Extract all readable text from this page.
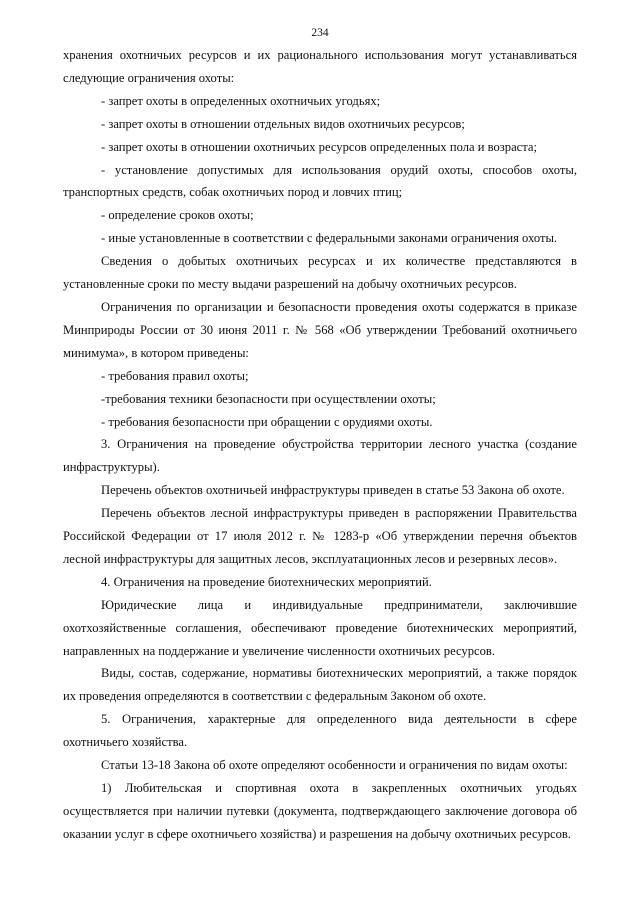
234

хранения охотничьих ресурсов и их рационального использования могут устанавливаться следующие ограничения охоты:

- запрет охоты в определенных охотничьих угодьях;

- запрет охоты в отношении отдельных видов охотничьих ресурсов;

- запрет охоты в отношении охотничьих ресурсов определенных пола и возраста;

- установление допустимых для использования орудий охоты, способов охоты, транспортных средств, собак охотничьих пород и ловчих птиц;

- определение сроков охоты;

- иные установленные в соответствии с федеральными законами ограничения охоты.

Сведения о добытых охотничьих ресурсах и их количестве представляются в установленные сроки по месту выдачи разрешений на добычу охотничьих ресурсов.

Ограничения по организации и безопасности проведения охоты содержатся в приказе Минприроды России от 30 июня 2011 г. № 568 «Об утверждении Требований охотничьего минимума», в котором приведены:

- требования правил охоты;

-требования техники безопасности при осуществлении охоты;

- требования безопасности при обращении с орудиями охоты.

3. Ограничения на проведение обустройства территории лесного участка (создание инфраструктуры).

Перечень объектов охотничьей инфраструктуры приведен в статье 53 Закона об охоте.

Перечень объектов лесной инфраструктуры приведен в распоряжении Правительства Российской Федерации от 17 июля 2012 г. № 1283-р «Об утверждении перечня объектов лесной инфраструктуры для защитных лесов, эксплуатационных лесов и резервных лесов».

4. Ограничения на проведение биотехнических мероприятий.

Юридические лица и индивидуальные предприниматели, заключившие охотхозяйственные соглашения, обеспечивают проведение биотехнических мероприятий, направленных на поддержание и увеличение численности охотничьих ресурсов.

Виды, состав, содержание, нормативы биотехнических мероприятий, а также порядок их проведения определяются в соответствии с федеральным Законом об охоте.

5. Ограничения, характерные для определенного вида деятельности в сфере охотничьего хозяйства.

Статьи 13-18 Закона об охоте определяют особенности и ограничения по видам охоты:

1) Любительская и спортивная охота в закрепленных охотничьих угодьях осуществляется при наличии путевки (документа, подтверждающего заключение договора об оказании услуг в сфере охотничьего хозяйства) и разрешения на добычу охотничьих ресурсов.
